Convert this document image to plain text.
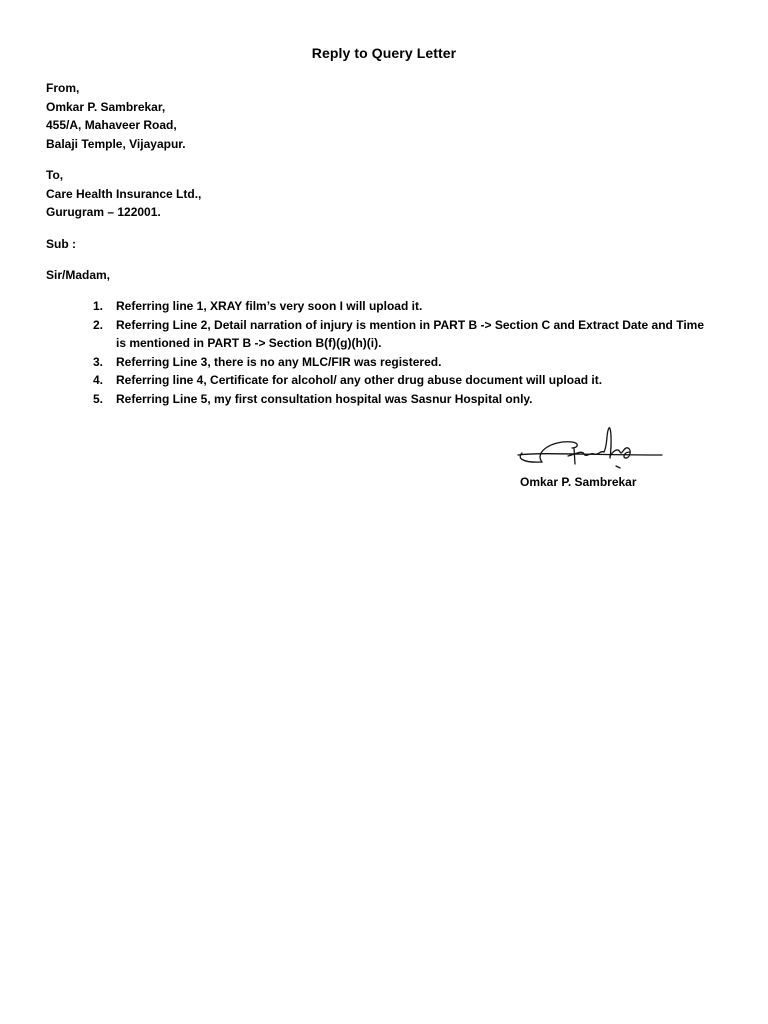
Reply to Query Letter
From,
Omkar P. Sambrekar,
455/A, Mahaveer Road,
Balaji Temple, Vijayapur.
To,
Care Health Insurance Ltd.,
Gurugram – 122001.
Sub :
Sir/Madam,
1. Referring line 1, XRAY film’s very soon I will upload it.
2. Referring Line 2, Detail narration of injury is mention in PART B -> Section C and Extract Date and Time
is mentioned in PART B -> Section B(f)(g)(h)(i).
3. Referring Line 3, there is no any MLC/FIR was registered.
4. Referring line 4, Certificate for alcohol/ any other drug abuse document will upload it.
5. Referring Line 5, my first consultation hospital was Sasnur Hospital only.
Omkar P. Sambrekar
